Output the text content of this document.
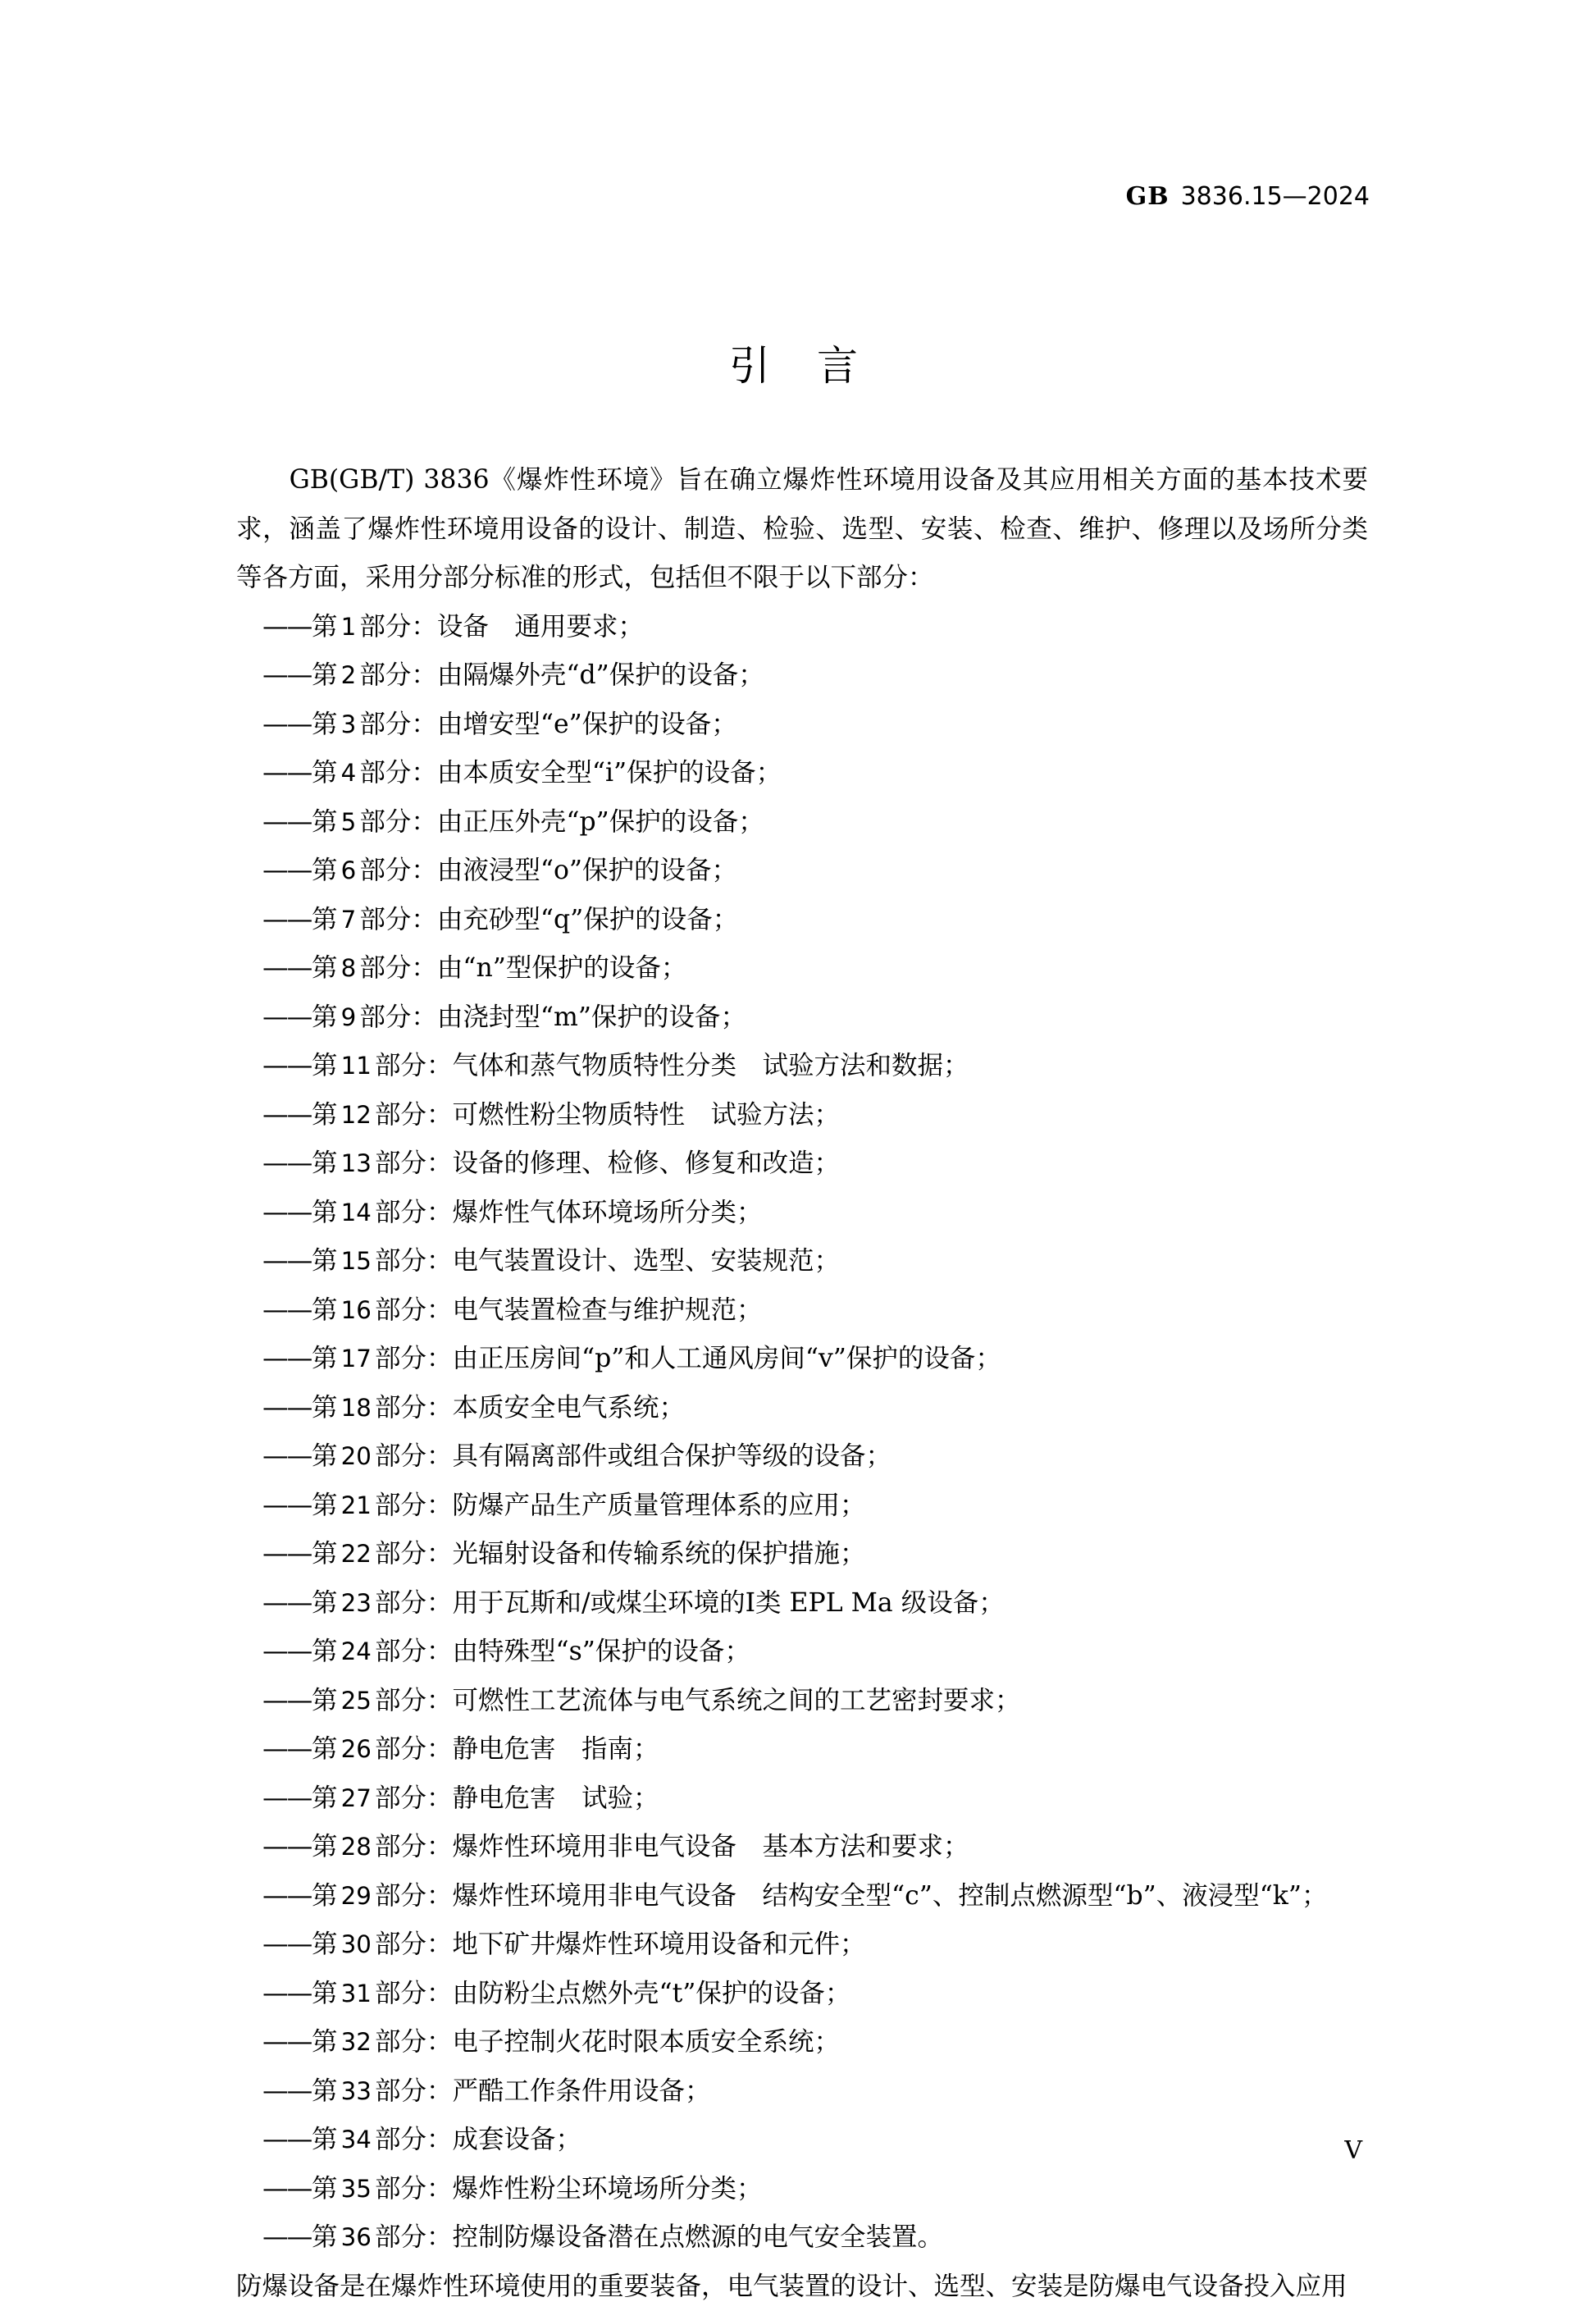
GB 3836.15—2024
引 言

GB(GB/T) 3836《爆炸性环境》旨在确立爆炸性环境用设备及其应用相关方面的基本技术要求，涵盖了爆炸性环境用设备的设计、制造、检验、选型、安装、检查、维护、修理以及场所分类等各方面，采用分部分标准的形式，包括但不限于以下部分：

——第 1 部分：设备　通用要求；
——第 2 部分：由隔爆外壳“d”保护的设备；
——第 3 部分：由增安型“e”保护的设备；
——第 4 部分：由本质安全型“i”保护的设备；
——第 5 部分：由正压外壳“p”保护的设备；
——第 6 部分：由液浸型“o”保护的设备；
——第 7 部分：由充砂型“q”保护的设备；
——第 8 部分：由“n”型保护的设备；
——第 9 部分：由浇封型“m”保护的设备；
——第 11 部分：气体和蒸气物质特性分类　试验方法和数据；
——第 12 部分：可燃性粉尘物质特性　试验方法；
——第 13 部分：设备的修理、检修、修复和改造；
——第 14 部分：爆炸性气体环境场所分类；
——第 15 部分：电气装置设计、选型、安装规范；
——第 16 部分：电气装置检查与维护规范；
——第 17 部分：由正压房间“p”和人工通风房间“v”保护的设备；
——第 18 部分：本质安全电气系统；
——第 20 部分：具有隔离部件或组合保护等级的设备；
——第 21 部分：防爆产品生产质量管理体系的应用；
——第 22 部分：光辐射设备和传输系统的保护措施；
——第 23 部分：用于瓦斯和/或煤尘环境的Ⅰ类 EPL Ma 级设备；
——第 24 部分：由特殊型“s”保护的设备；
——第 25 部分：可燃性工艺流体与电气系统之间的工艺密封要求；
——第 26 部分：静电危害　指南；
——第 27 部分：静电危害　试验；
——第 28 部分：爆炸性环境用非电气设备　基本方法和要求；
——第 29 部分：爆炸性环境用非电气设备　结构安全型“c”、控制点燃源型“b”、液浸型“k”；
——第 30 部分：地下矿井爆炸性环境用设备和元件；
——第 31 部分：由防粉尘点燃外壳“t”保护的设备；
——第 32 部分：电子控制火花时限本质安全系统；
——第 33 部分：严酷工作条件用设备；
——第 34 部分：成套设备；
——第 35 部分：爆炸性粉尘环境场所分类；
——第 36 部分：控制防爆设备潜在点燃源的电气安全装置。

防爆设备是在爆炸性环境使用的重要装备，电气装置的设计、选型、安装是防爆电气设备投入应用

Ⅴ
